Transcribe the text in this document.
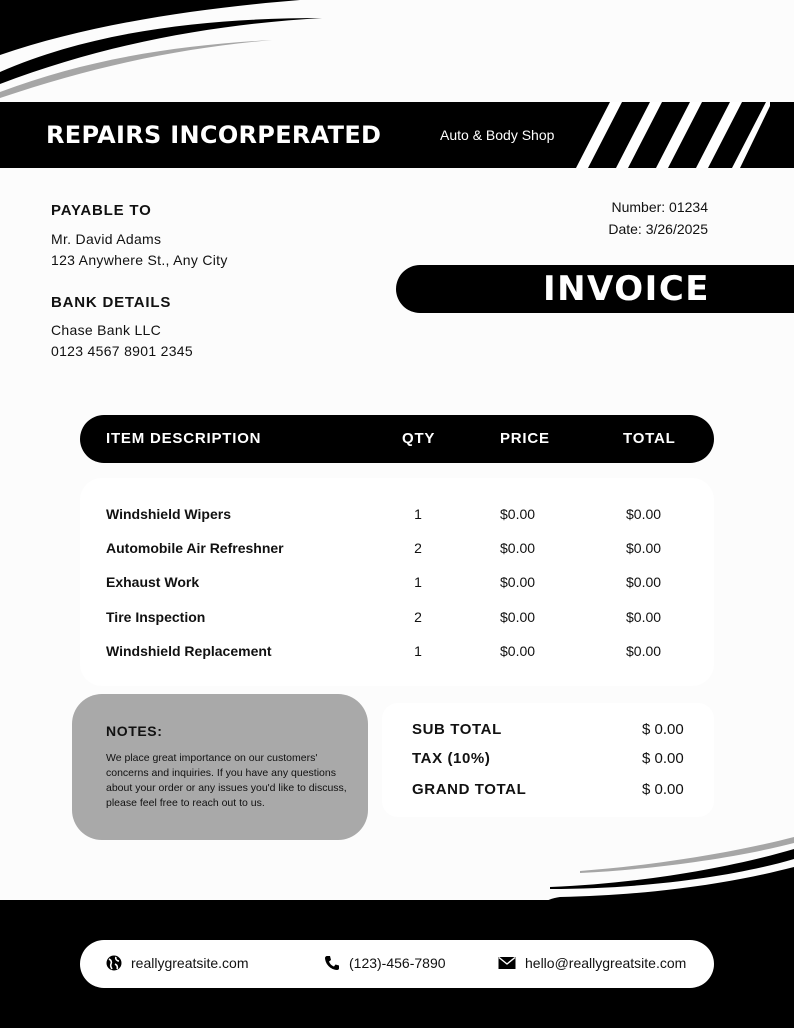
REPAIRS INCORPERATED	Auto & Body Shop
PAYABLE TO
Mr. David Adams
123 Anywhere St., Any City
BANK DETAILS
Chase Bank LLC
0123 4567 8901 2345
Number: 01234
Date: 3/26/2025
INVOICE
ITEM DESCRIPTION	QTY	PRICE	TOTAL
Windshield Wipers	1	$0.00	$0.00
Automobile Air Refreshner	2	$0.00	$0.00
Exhaust Work	1	$0.00	$0.00
Tire Inspection	2	$0.00	$0.00
Windshield Replacement	1	$0.00	$0.00
NOTES:
We place great importance on our customers' concerns and inquiries. If you have any questions about your order or any issues you'd like to discuss, please feel free to reach out to us.
SUB TOTAL	$ 0.00
TAX (10%)	$ 0.00
GRAND TOTAL	$ 0.00
reallygreatsite.com	(123)-456-7890	hello@reallygreatsite.com
